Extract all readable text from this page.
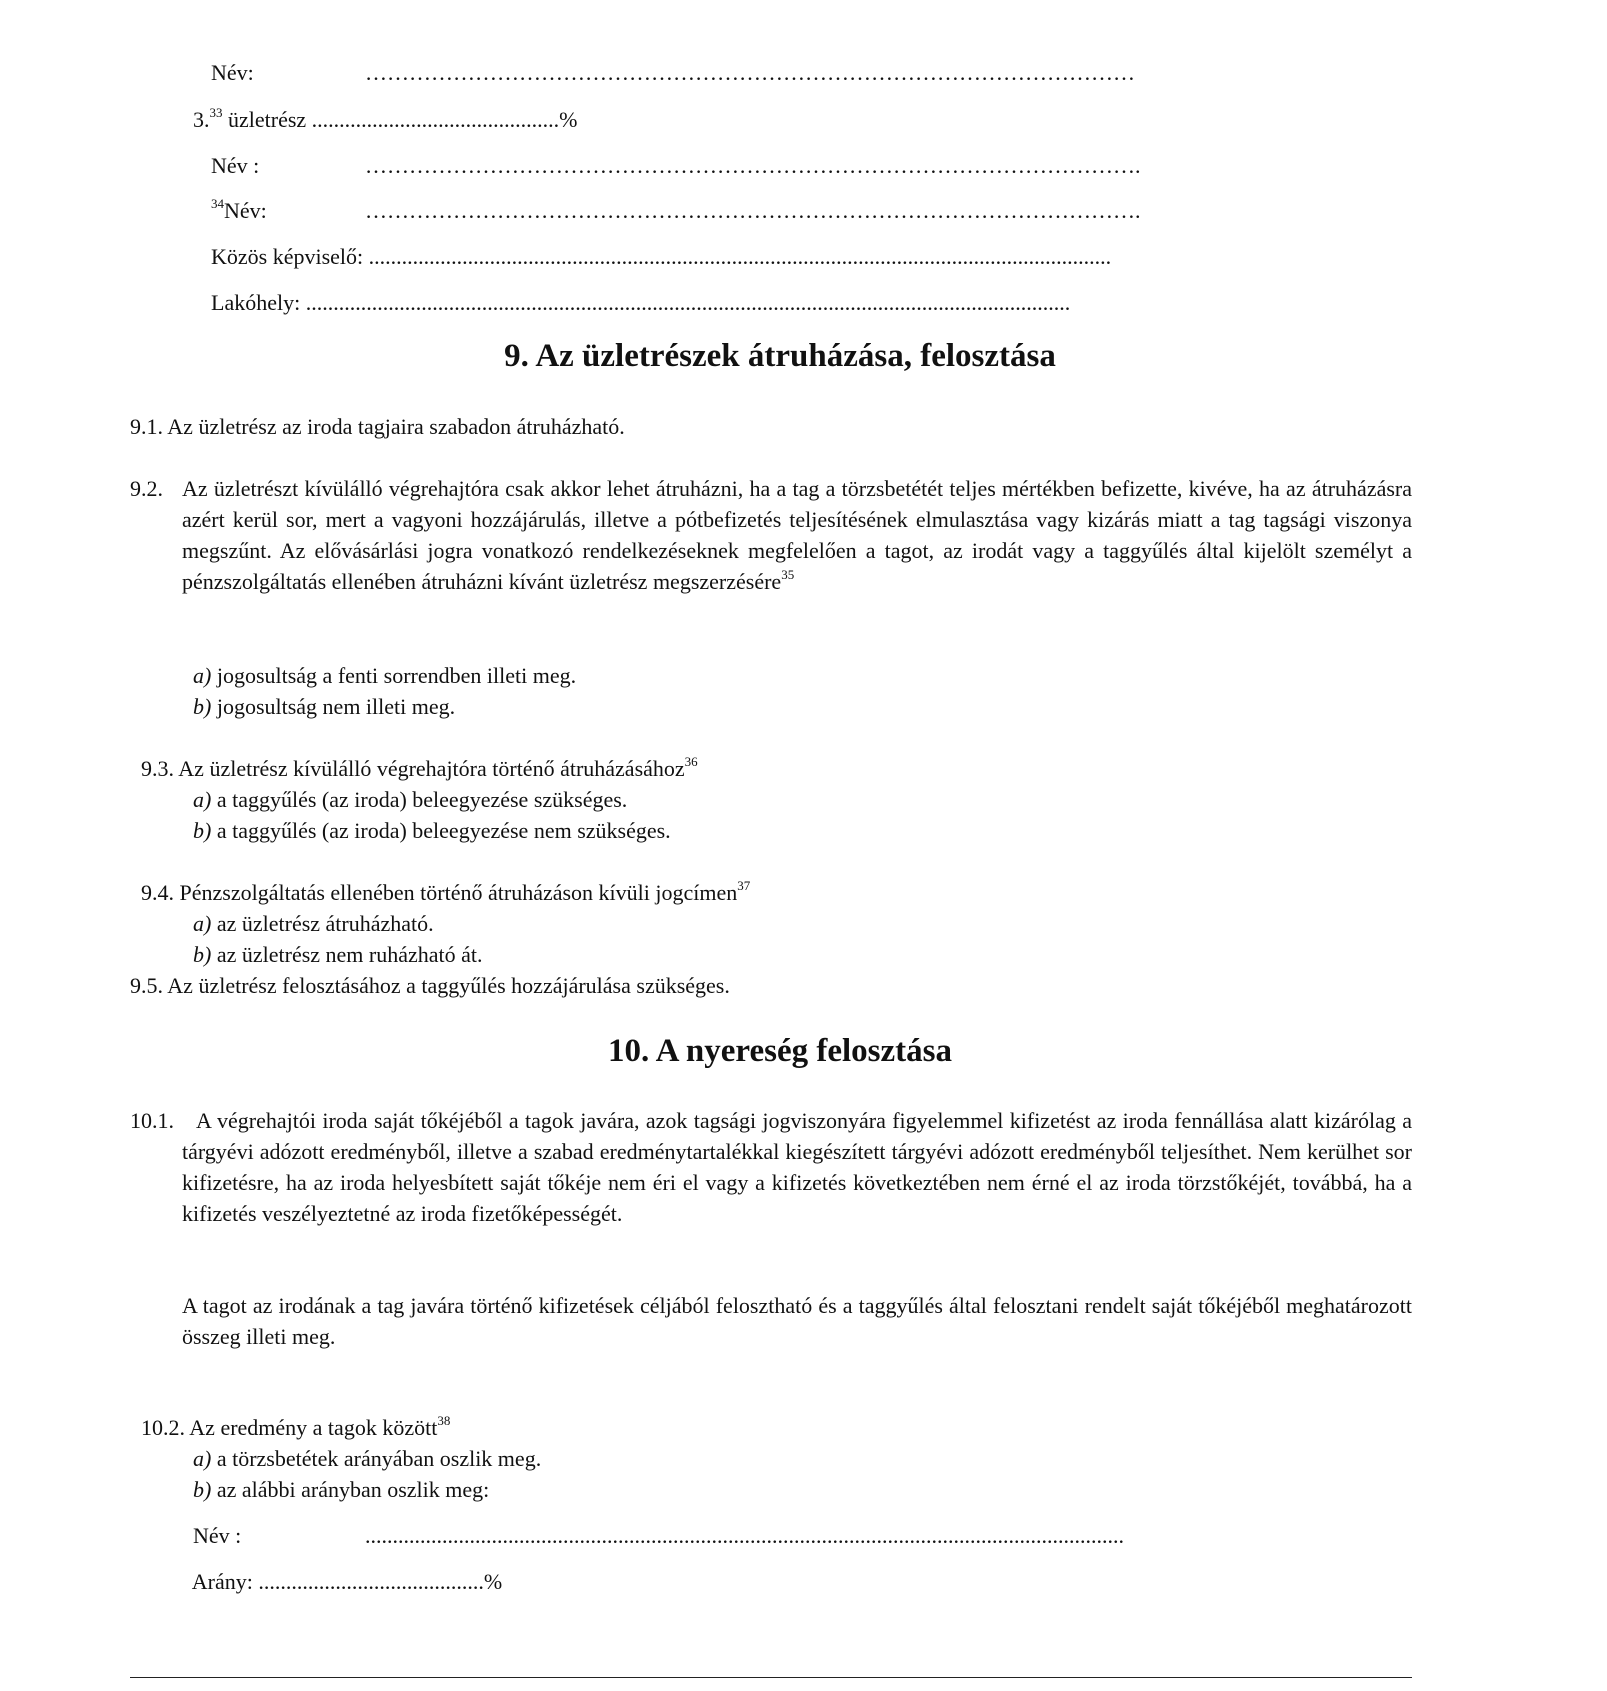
Név:	……………………………………………………………………………………………

3.33 üzletrész .............................................%

Név :	…………………………………………………………………………………………….

$^{34}$Név:	…………………………………………………………………………………………….

Közös képviselő: .......................................................................................................................................

Lakóhely: ...........................................................................................................................................

9. Az üzletrészek átruházása, felosztása
9.1. Az üzletrész az iroda tagjaira szabadon átruházható.
9.2. Az üzletrészt kívülálló végrehajtóra csak akkor lehet átruházni, ha a tag a törzsbetétét teljes mértékben befizette, kivéve, ha az átruházásra azért kerül sor, mert a vagyoni hozzájárulás, illetve a pótbefizetés teljesítésének elmulasztása vagy kizárás miatt a tag tagsági viszonya megszűnt. Az elővásárlási jogra vonatkozó rendelkezéseknek megfelelően a tagot, az irodát vagy a taggyűlés által kijelölt személyt a pénzszolgáltatás ellenében átruházni kívánt üzletrész megszerzésére$^{35}$

a) jogosultság a fenti sorrendben illeti meg.

b) jogosultság nem illeti meg.

9.3. Az üzletrész kívülálló végrehajtóra történő átruházásához$^{36}$

a) a taggyűlés (az iroda) beleegyezése szükséges.

b) a taggyűlés (az iroda) beleegyezése nem szükséges.

9.4. Pénzszolgáltatás ellenében történő átruházáson kívüli jogcímen$^{37}$

a) az üzletrész átruházható.

b) az üzletrész nem ruházható át.

9.5. Az üzletrész felosztásához a taggyűlés hozzájárulása szükséges.
10. A nyereség felosztása
10.1.	A végrehajtói iroda saját tőkéjéből a tagok javára, azok tagsági jogviszonyára figyelemmel kifizetést az iroda fennállása alatt kizárólag a tárgyévi adózott eredményből, illetve a szabad eredménytartalékkal kiegészített tárgyévi adózott eredményből teljesíthet. Nem kerülhet sor kifizetésre, ha az iroda helyesbített saját tőkéje nem éri el vagy a kifizetés következtében nem érné el az iroda törzstőkéjét, továbbá, ha a kifizetés veszélyeztetné az iroda fizetőképességét.
A tagot az irodának a tag javára történő kifizetések céljából felosztható és a taggyűlés által felosztani rendelt saját tőkéjéből meghatározott összeg illeti meg.

10.2. Az eredmény a tagok között$^{38}$

a) a törzsbetétek arányában oszlik meg.

b) az alábbi arányban oszlik meg:

Név :	..........................................................................................................................................

Arány: .........................................%
